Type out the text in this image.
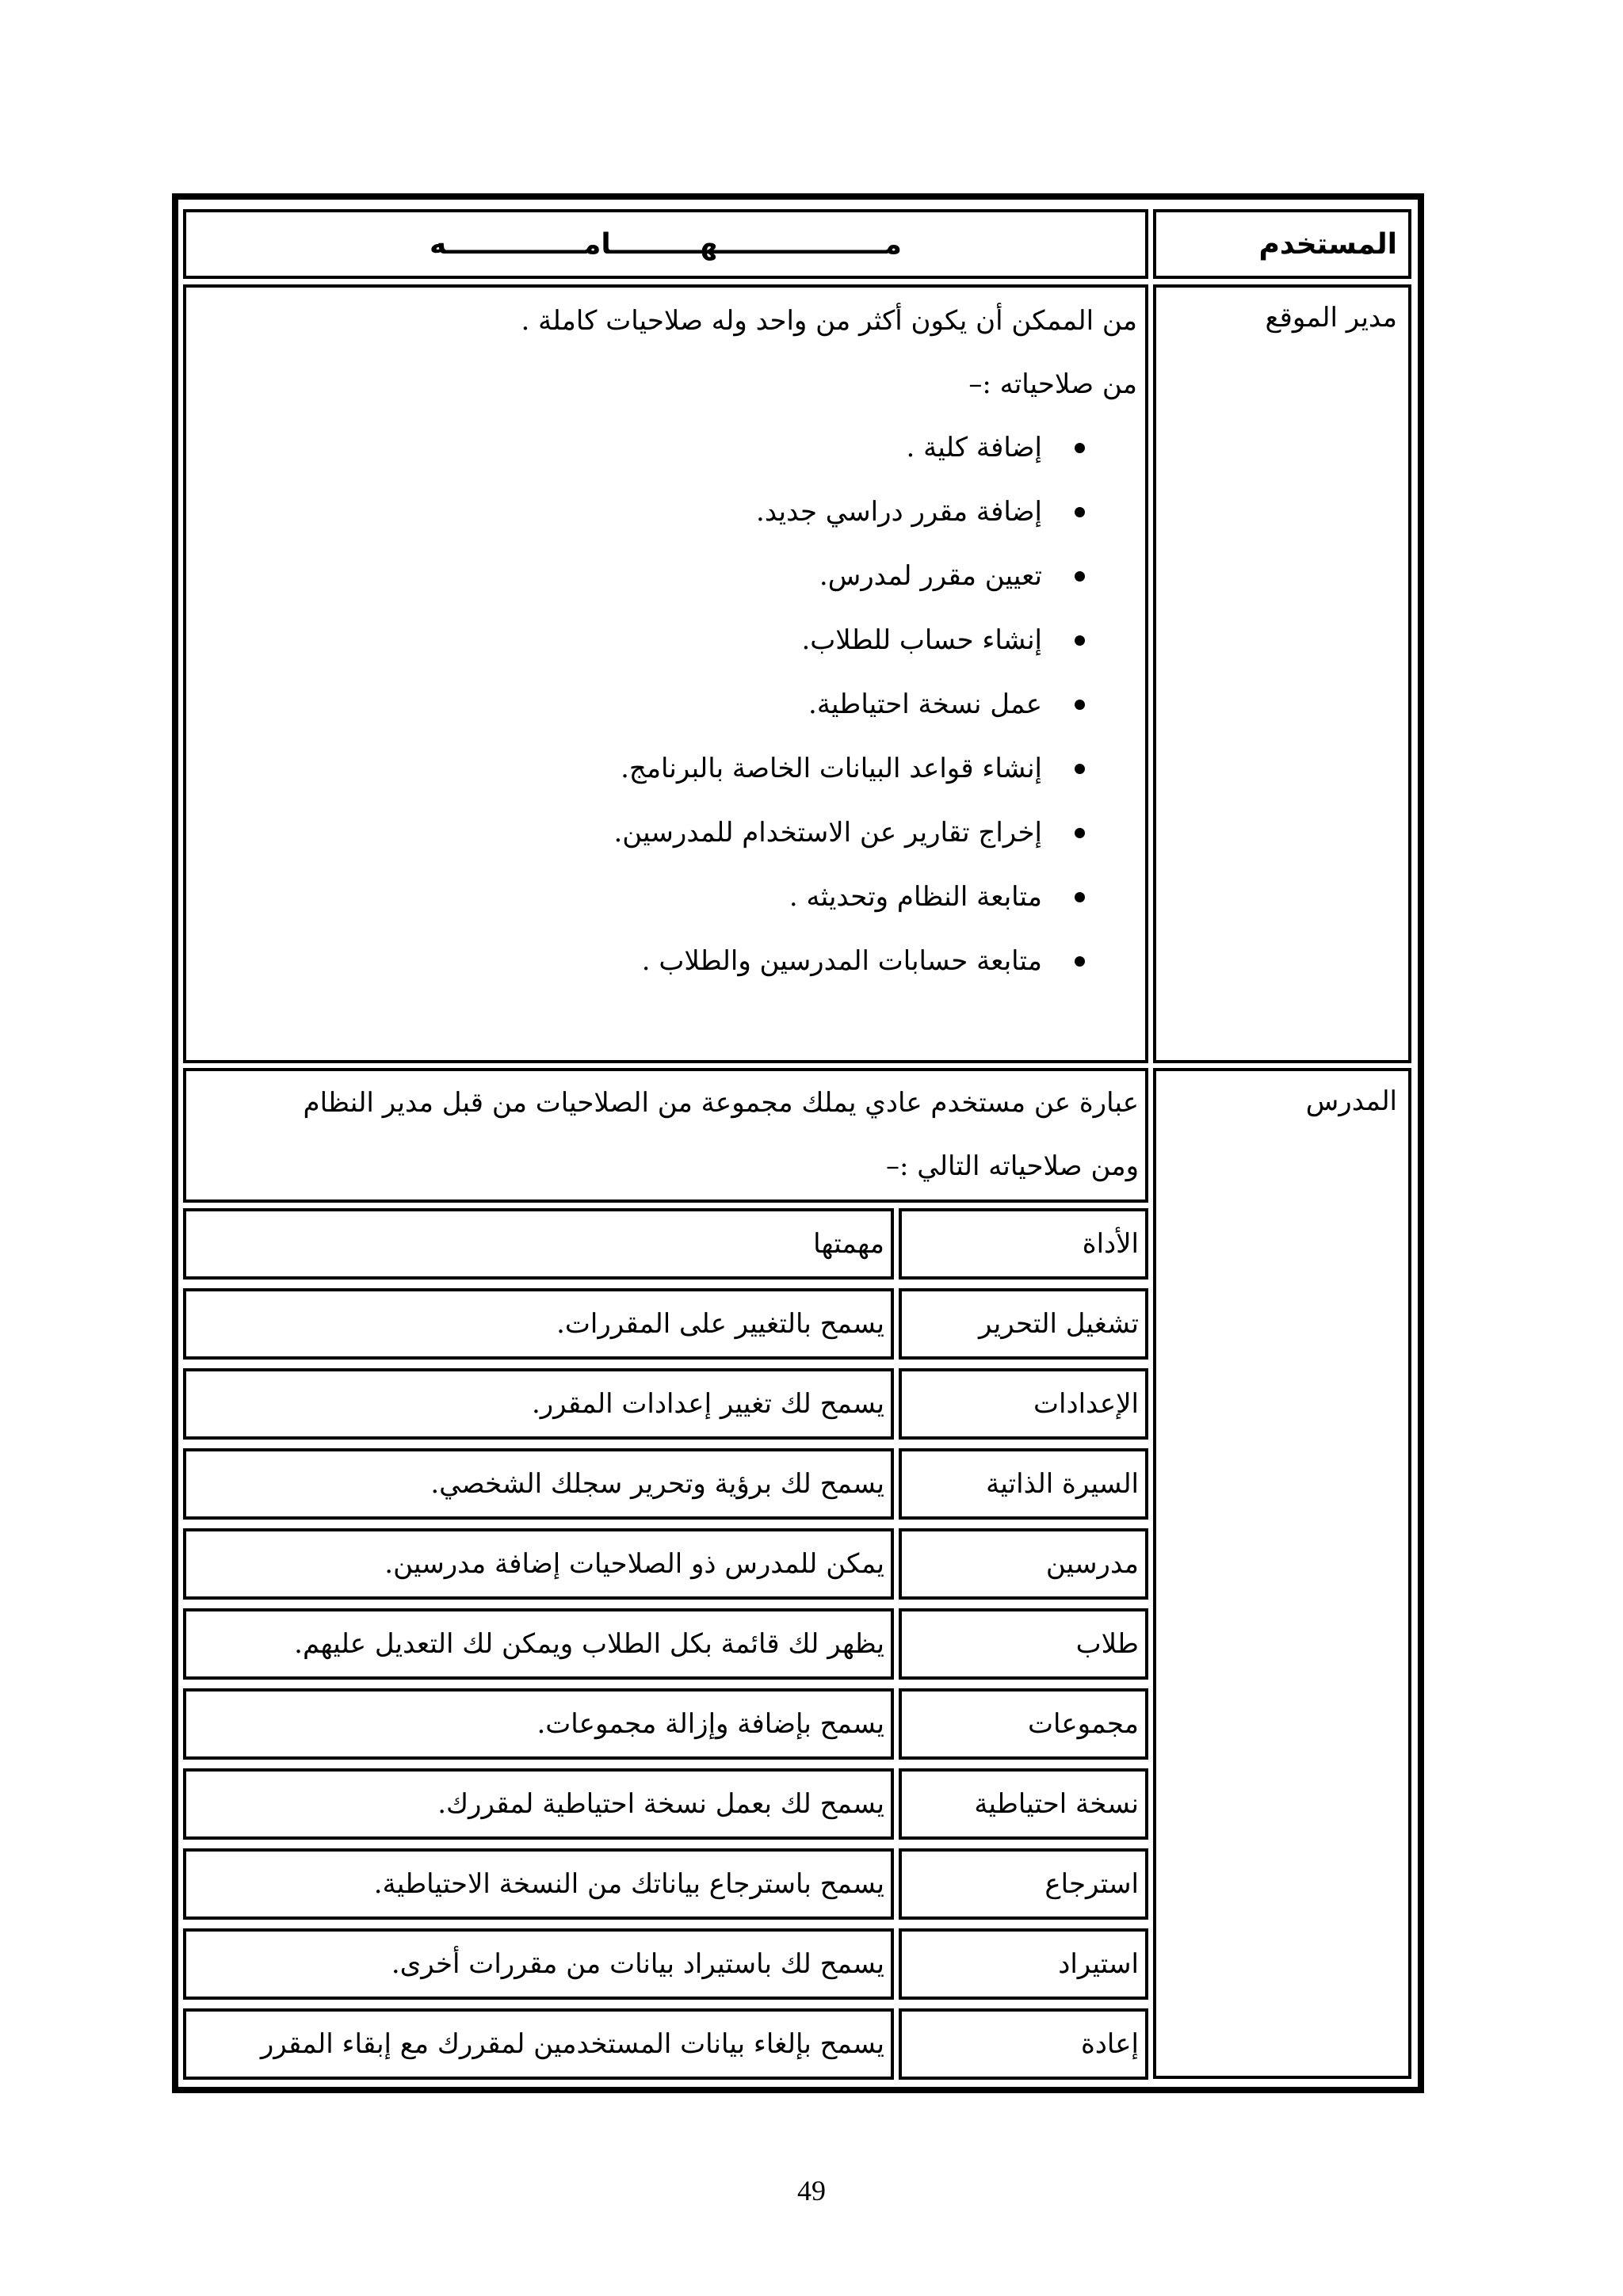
المستخدم
مـــــــــــــــــهـــــــــامــــــــــــــه
مدير الموقع
من الممكن أن يكون أكثر من واحد وله صلاحيات كاملة .
من صلاحياته :–
إضافة كلية .
إضافة مقرر دراسي جديد.
تعيين مقرر لمدرس.
إنشاء حساب للطلاب.
عمل نسخة احتياطية.
إنشاء قواعد البيانات الخاصة بالبرنامج.
إخراج تقارير عن الاستخدام للمدرسين.
متابعة النظام وتحديثه .
متابعة حسابات المدرسين والطلاب .
المدرس
عبارة عن مستخدم عادي يملك مجموعة من الصلاحيات من قبل مدير النظام
ومن صلاحياته التالي :–
الأداة
مهمتها
تشغيل التحرير
يسمح بالتغيير على المقررات.
الإعدادات
يسمح لك تغيير إعدادات المقرر.
السيرة الذاتية
يسمح لك برؤية وتحرير سجلك الشخصي.
مدرسين
يمكن للمدرس ذو الصلاحيات إضافة مدرسين.
طلاب
يظهر لك قائمة بكل الطلاب ويمكن لك التعديل عليهم.
مجموعات
يسمح بإضافة وإزالة مجموعات.
نسخة احتياطية
يسمح لك بعمل نسخة احتياطية لمقررك.
استرجاع
يسمح باسترجاع بياناتك من النسخة الاحتياطية.
استيراد
يسمح لك باستيراد بيانات من مقررات أخرى.
إعادة
يسمح بإلغاء بيانات المستخدمين لمقررك مع إبقاء المقرر
49
